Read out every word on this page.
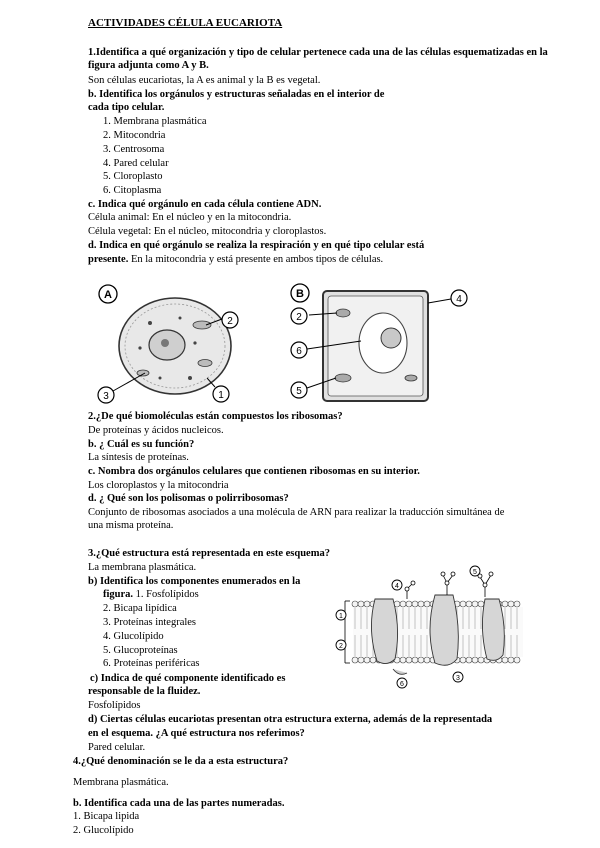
ACTIVIDADES CÉLULA EUCARIOTA
1.Identifica a qué organización y tipo de celular pertenece cada una de las células esquematizadas en la
figura adjunta como A y B.
Son células eucariotas, la A es animal y la B es vegetal.
b. Identifica los orgánulos y estructuras señaladas en el interior de
cada tipo celular.
1. Membrana plasmática
2. Mitocondria
3. Centrosoma
4. Pared celular
5. Cloroplasto
6. Citoplasma
c. Indica qué orgánulo en cada célula contiene ADN.
Célula animal: En el núcleo y en la mitocondria.
Célula vegetal: En el núcleo, mitocondria y cloroplastos.
d. Indica en qué orgánulo se realiza la respiración y en qué tipo celular está
presente. En la mitocondria y está presente en ambos tipos de células.
A
2
3	1
B
2
4
6
5
2.¿De qué biomoléculas están compuestos los ribosomas?
De proteínas y ácidos nucleicos.
b. ¿ Cuál es su función?
La síntesis de proteínas.
c. Nombra dos orgánulos celulares que contienen ribosomas en su interior.
Los cloroplastos y la mitocondria
d. ¿ Qué son los polisomas o polirribosomas?
Conjunto de ribosomas asociados a una molécula de ARN para realizar la traducción simultánea de
una misma proteína.
3.¿Qué estructura está representada en este esquema?
La membrana plasmática.
b) Identifica los componentes enumerados en la
figura. 1. Fosfolípidos
2. Bicapa lipídica
3. Proteínas integrales
4. Glucolípido
5. Glucoproteínas
6. Proteínas periféricas
c) Indica de qué componente identificado es
responsable de la fluidez.
Fosfolípidos
d) Ciertas células eucariotas presentan otra estructura externa, además de la representada
en el esquema. ¿A qué estructura nos referimos?
Pared celular.
4
5
1
2
3
6
4.¿Qué denominación se le da a esta estructura?
Membrana plasmática.
b. Identifica cada una de las partes numeradas.
1. Bicapa lipida
2. Glucolípido
